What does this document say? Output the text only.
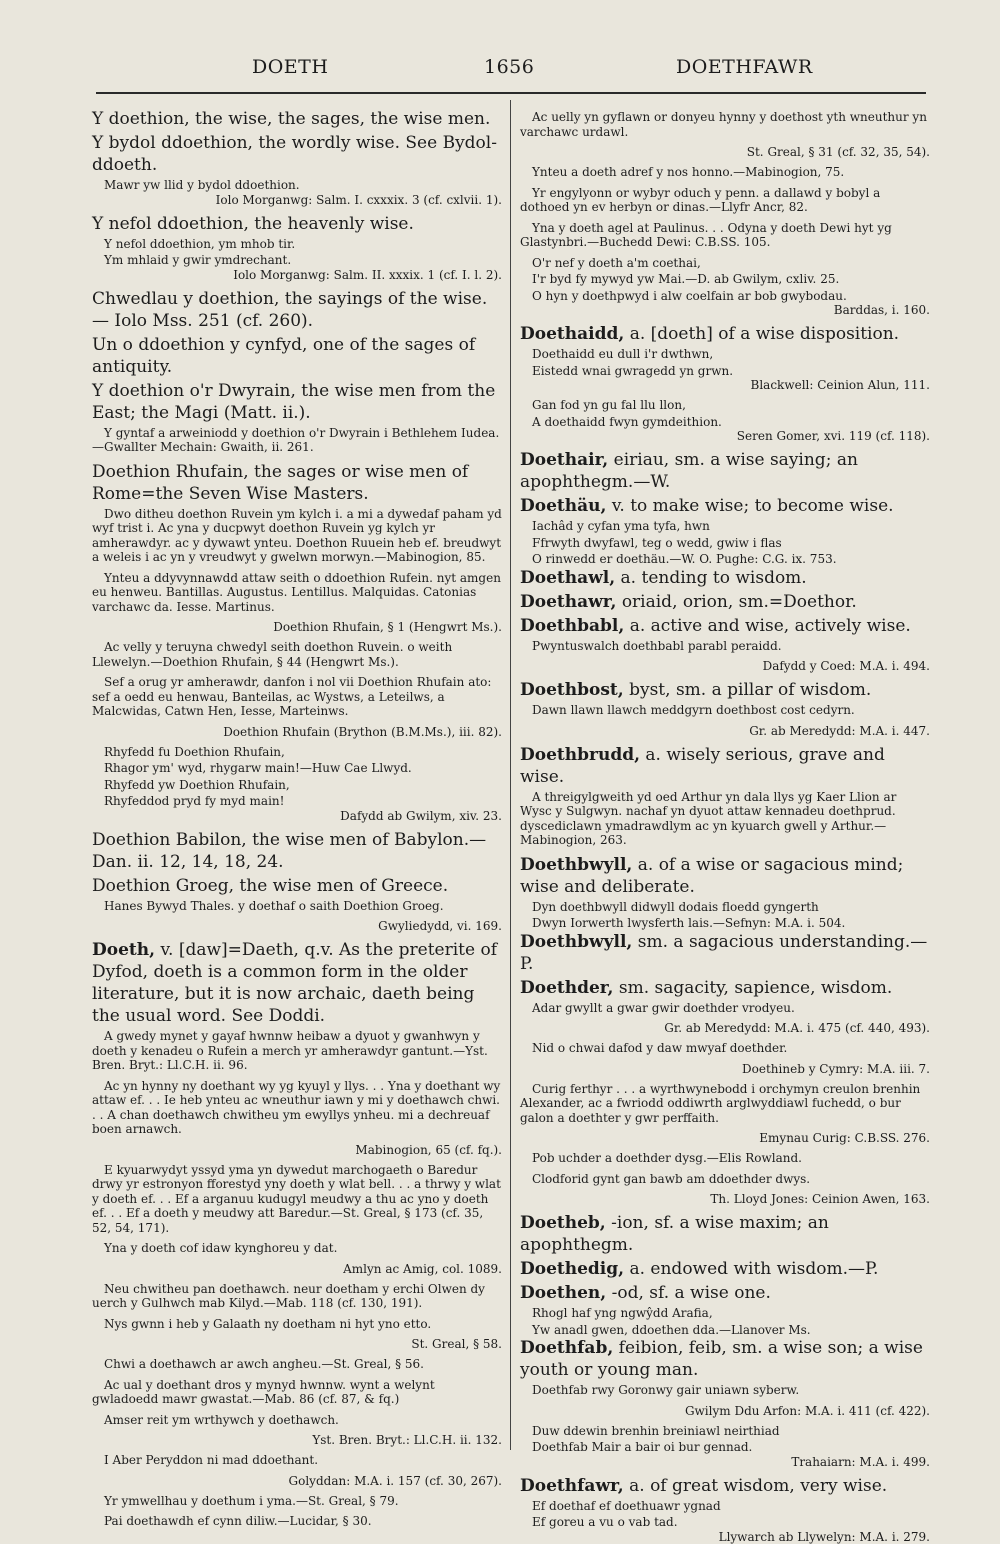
DOETH	1656	DOETHFAWR
Y doethion, the wise, the sages, the wise men.
Y bydol ddoethion, the wordly wise. See Bydol-ddoeth.
Mawr yw llid y bydol ddoethion.
Iolo Morganwg: Salm. I. cxxxix. 3 (cf. cxlvii. 1).
Y nefol ddoethion, the heavenly wise.
Y nefol ddoethion, ym mhob tir.
Ym mhlaid y gwir ymdrechant.
Iolo Morganwg: Salm. II. xxxix. 1 (cf. I. l. 2).
Chwedlau y doethion, the sayings of the wise.— Iolo Mss. 251 (cf. 260).
Un o ddoethion y cynfyd, one of the sages of antiquity.
Y doethion o'r Dwyrain, the wise men from the East; the Magi (Matt. ii.).
Y gyntaf a arweiniodd y doethion o'r Dwyrain i Bethlehem Iudea.—Gwallter Mechain: Gwaith, ii. 261.
Doethion Rhufain, the sages or wise men of Rome=the Seven Wise Masters.
Dwo ditheu doethon Ruvein ym kylch i. a mi a dywedaf paham yd wyf trist i. Ac yna y ducpwyt doethon Ruvein yg kylch yr amherawdyr. ac y dywawt ynteu. Doethon Ruuein heb ef. breudwyt a weleis i ac yn y vreudwyt y gwelwn morwyn.—Mabinogion, 85.
Ynteu a ddyvynnawdd attaw seith o ddoethion Rufein. nyt amgen eu henweu. Bantillas. Augustus. Lentillus. Malquidas. Catonias varchawc da. Iesse. Martinus.
Doethion Rhufain, § 1 (Hengwrt Ms.).
Ac velly y teruyna chwedyl seith doethon Ruvein. o weith Llewelyn.—Doethion Rhufain, § 44 (Hengwrt Ms.).
Sef a orug yr amherawdr, danfon i nol vii Doethion Rhufain ato: sef a oedd eu henwau, Banteilas, ac Wystws, a Leteilws, a Malcwidas, Catwn Hen, Iesse, Marteinws.
Doethion Rhufain (Brython (B.M.Ms.), iii. 82).
Rhyfedd fu Doethion Rhufain,
Rhagor ym' wyd, rhygarw main!—Huw Cae Llwyd.
Rhyfedd yw Doethion Rhufain,
Rhyfeddod pryd fy myd main!
Dafydd ab Gwilym, xiv. 23.
Doethion Babilon, the wise men of Babylon.— Dan. ii. 12, 14, 18, 24.
Doethion Groeg, the wise men of Greece.
Hanes Bywyd Thales. y doethaf o saith Doethion Groeg.
Gwyliedydd, vi. 169.
Doeth, v. [daw]=Daeth, q.v. As the preterite of Dyfod, doeth is a common form in the older literature, but it is now archaic, daeth being the usual word. See Doddi.
A gwedy mynet y gayaf hwnnw heibaw a dyuot y gwanhwyn y doeth y kenadeu o Rufein a merch yr amherawdyr gantunt.—Yst. Bren. Bryt.: Ll.C.H. ii. 96.
Ac yn hynny ny doethant wy yg kyuyl y llys. . . Yna y doethant wy attaw ef. . . Ie heb ynteu ac wneuthur iawn y mi y doethawch chwi. . . A chan doethawch chwitheu ym ewyllys ynheu. mi a dechreuaf boen arnawch.
Mabinogion, 65 (cf. fq.).
E kyuarwydyt yssyd yma yn dywedut marchogaeth o Baredur drwy yr estronyon fforestyd yny doeth y wlat bell. . . a thrwy y wlat y doeth ef. . . Ef a arganuu kudugyl meudwy a thu ac yno y doeth ef. . . Ef a doeth y meudwy att Baredur.—St. Greal, § 173 (cf. 35, 52, 54, 171).
Yna y doeth cof idaw kynghoreu y dat.
Amlyn ac Amig, col. 1089.
Neu chwitheu pan doethawch. neur doetham y erchi Olwen dy uerch y Gulhwch mab Kilyd.—Mab. 118 (cf. 130, 191).
Nys gwnn i heb y Galaath ny doetham ni hyt yno etto.
St. Greal, § 58.
Chwi a doethawch ar awch angheu.—St. Greal, § 56.
Ac ual y doethant dros y mynyd hwnnw. wynt a welynt gwladoedd mawr gwastat.—Mab. 86 (cf. 87, & fq.)
Amser reit ym wrthywch y doethawch.
Yst. Bren. Bryt.: Ll.C.H. ii. 132.
I Aber Peryddon ni mad ddoethant.
Golyddan: M.A. i. 157 (cf. 30, 267).
Yr ymwellhau y doethum i yma.—St. Greal, § 79.
Pai doethawdh ef cynn diliw.—Lucidar, § 30.
Ac uelly yn gyflawn or donyeu hynny y doethost yth wneuthur yn varchawc urdawl.
St. Greal, § 31 (cf. 32, 35, 54).
Ynteu a doeth adref y nos honno.—Mabinogion, 75.
Yr engylyonn or wybyr oduch y penn. a dallawd y bobyl a dothoed yn ev herbyn or dinas.—Llyfr Ancr, 82.
Yna y doeth agel at Paulinus. . . Odyna y doeth Dewi hyt yg Glastynbri.—Buchedd Dewi: C.B.SS. 105.
O'r nef y doeth a'm coethai,
I'r byd fy mywyd yw Mai.—D. ab Gwilym, cxliv. 25.
O hyn y doethpwyd i alw coelfain ar bob gwybodau.
Barddas, i. 160.
Doethaidd, a. [doeth] of a wise disposition.
Doethaidd eu dull i'r dwthwn,
Eistedd wnai gwragedd yn grwn.
Blackwell: Ceinion Alun, 111.
Gan fod yn gu fal llu llon,
A doethaidd fwyn gymdeithion.
Seren Gomer, xvi. 119 (cf. 118).
Doethair, eiriau, sm. a wise saying; an apophthegm.—W.
Doethäu, v. to make wise; to become wise.
Iachâd y cyfan yma tyfa, hwn
Ffrwyth dwyfawl, teg o wedd, gwiw i flas
O rinwedd er doethäu.—W. O. Pughe: C.G. ix. 753.
Doethawl, a. tending to wisdom.
Doethawr, oriaid, orion, sm.=Doethor.
Doethbabl, a. active and wise, actively wise.
Pwyntuswalch doethbabl parabl peraidd.
Dafydd y Coed: M.A. i. 494.
Doethbost, byst, sm. a pillar of wisdom.
Dawn llawn llawch meddgyrn doethbost cost cedyrn.
Gr. ab Meredydd: M.A. i. 447.
Doethbrudd, a. wisely serious, grave and wise.
A threigylgweith yd oed Arthur yn dala llys yg Kaer Llion ar Wysc y Sulgwyn. nachaf yn dyuot attaw kennadeu doethprud. dyscediclawn ymadrawdlym ac yn kyuarch gwell y Arthur.—Mabinogion, 263.
Doethbwyll, a. of a wise or sagacious mind; wise and deliberate.
Dyn doethbwyll didwyll dodais floedd gyngerth
Dwyn Iorwerth lwysferth lais.—Sefnyn: M.A. i. 504.
Doethbwyll, sm. a sagacious understanding.—P.
Doethder, sm. sagacity, sapience, wisdom.
Adar gwyllt a gwar gwir doethder vrodyeu.
Gr. ab Meredydd: M.A. i. 475 (cf. 440, 493).
Nid o chwai dafod y daw mwyaf doethder.
Doethineb y Cymry: M.A. iii. 7.
Curig ferthyr . . . a wyrthwynebodd i orchymyn creulon brenhin Alexander, ac a fwriodd oddiwrth arglwyddiawl fuchedd, o bur galon a doethter y gwr perffaith.
Emynau Curig: C.B.SS. 276.
Pob uchder a doethder dysg.—Elis Rowland.
Clodforid gynt gan bawb am ddoethder dwys.
Th. Lloyd Jones: Ceinion Awen, 163.
Doetheb, -ion, sf. a wise maxim; an apophthegm.
Doethedig, a. endowed with wisdom.—P.
Doethen, -od, sf. a wise one.
Rhogl haf yng ngwŷdd Arafia,
Yw anadl gwen, ddoethen dda.—Llanover Ms.
Doethfab, feibion, feib, sm. a wise son; a wise youth or young man.
Doethfab rwy Goronwy gair uniawn syberw.
Gwilym Ddu Arfon: M.A. i. 411 (cf. 422).
Duw ddewin brenhin breiniawl neirthiad
Doethfab Mair a bair oi bur gennad.
Trahaiarn: M.A. i. 499.
Doethfawr, a. of great wisdom, very wise.
Ef doethaf ef doethuawr ygnad
Ef goreu a vu o vab tad.
Llywarch ab Llywelyn: M.A. i. 279.
